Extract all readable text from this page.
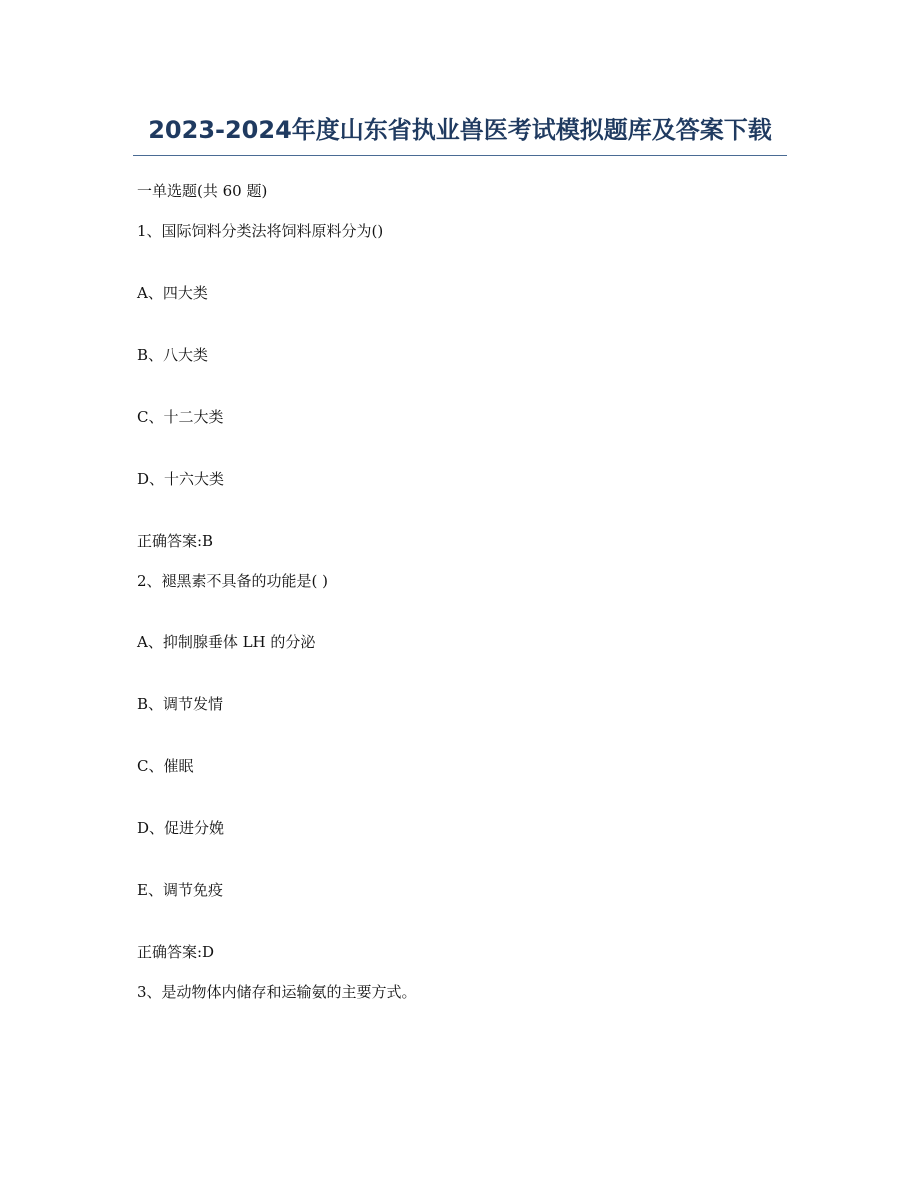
2023-2024年度山东省执业兽医考试模拟题库及答案下载
一单选题(共 60 题)
1、国际饲料分类法将饲料原料分为()
A、四大类
B、八大类
C、十二大类
D、十六大类
正确答案:B
2、褪黑素不具备的功能是( )
A、抑制腺垂体 LH 的分泌
B、调节发情
C、催眠
D、促进分娩
E、调节免疫
正确答案:D
3、是动物体内储存和运输氨的主要方式。
